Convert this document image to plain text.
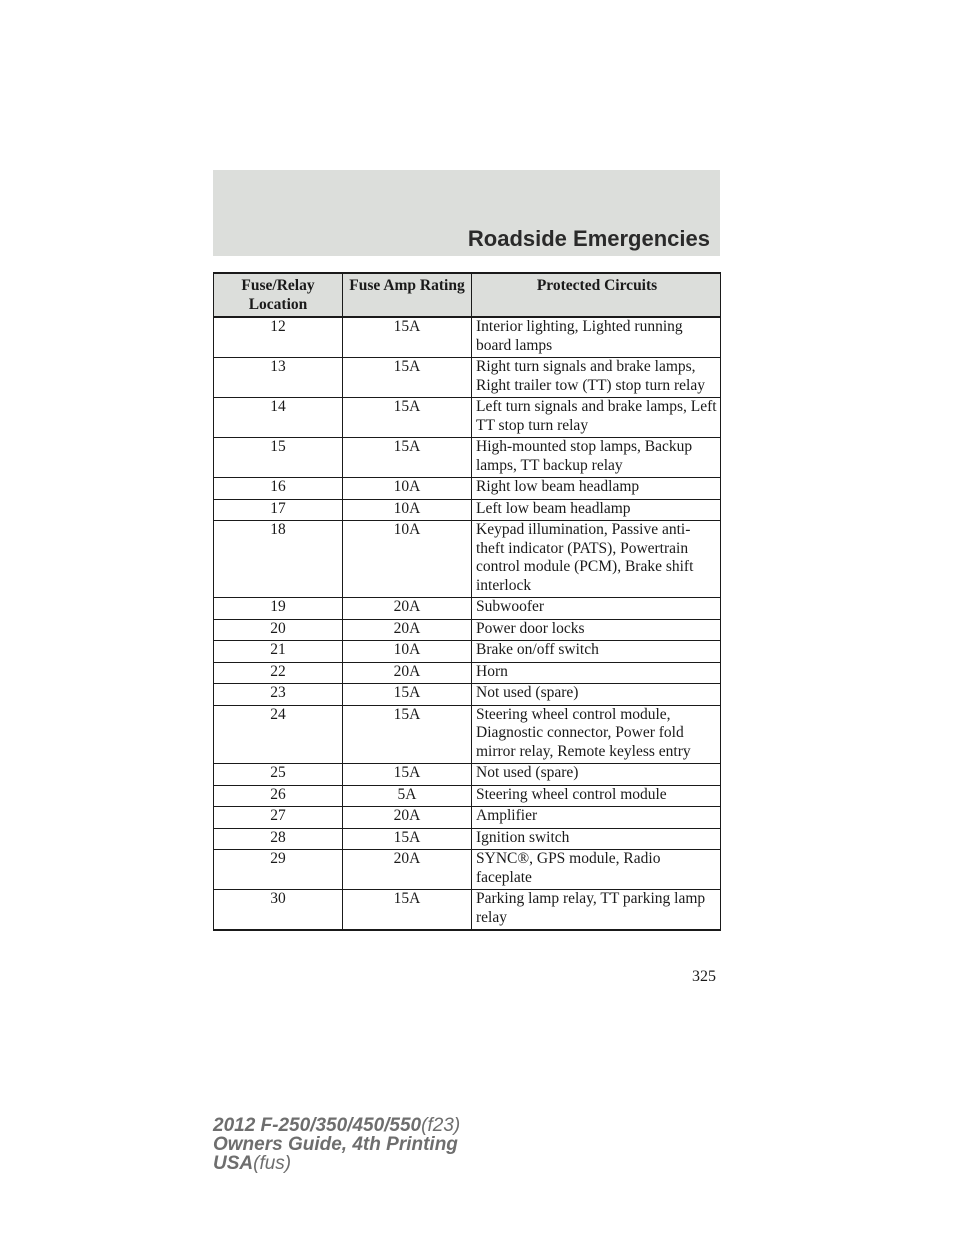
Roadside Emergencies
Fuse/Relay Location	Fuse Amp Rating	Protected Circuits
12	15A	Interior lighting, Lighted running board lamps
13	15A	Right turn signals and brake lamps, Right trailer tow (TT) stop turn relay
14	15A	Left turn signals and brake lamps, Left TT stop turn relay
15	15A	High-mounted stop lamps, Backup lamps, TT backup relay
16	10A	Right low beam headlamp
17	10A	Left low beam headlamp
18	10A	Keypad illumination, Passive anti-theft indicator (PATS), Powertrain control module (PCM), Brake shift interlock
19	20A	Subwoofer
20	20A	Power door locks
21	10A	Brake on/off switch
22	20A	Horn
23	15A	Not used (spare)
24	15A	Steering wheel control module, Diagnostic connector, Power fold mirror relay, Remote keyless entry
25	15A	Not used (spare)
26	5A	Steering wheel control module
27	20A	Amplifier
28	15A	Ignition switch
29	20A	SYNC®, GPS module, Radio faceplate
30	15A	Parking lamp relay, TT parking lamp relay
325
2012 F-250/350/450/550(f23)
Owners Guide, 4th Printing
USA(fus)
